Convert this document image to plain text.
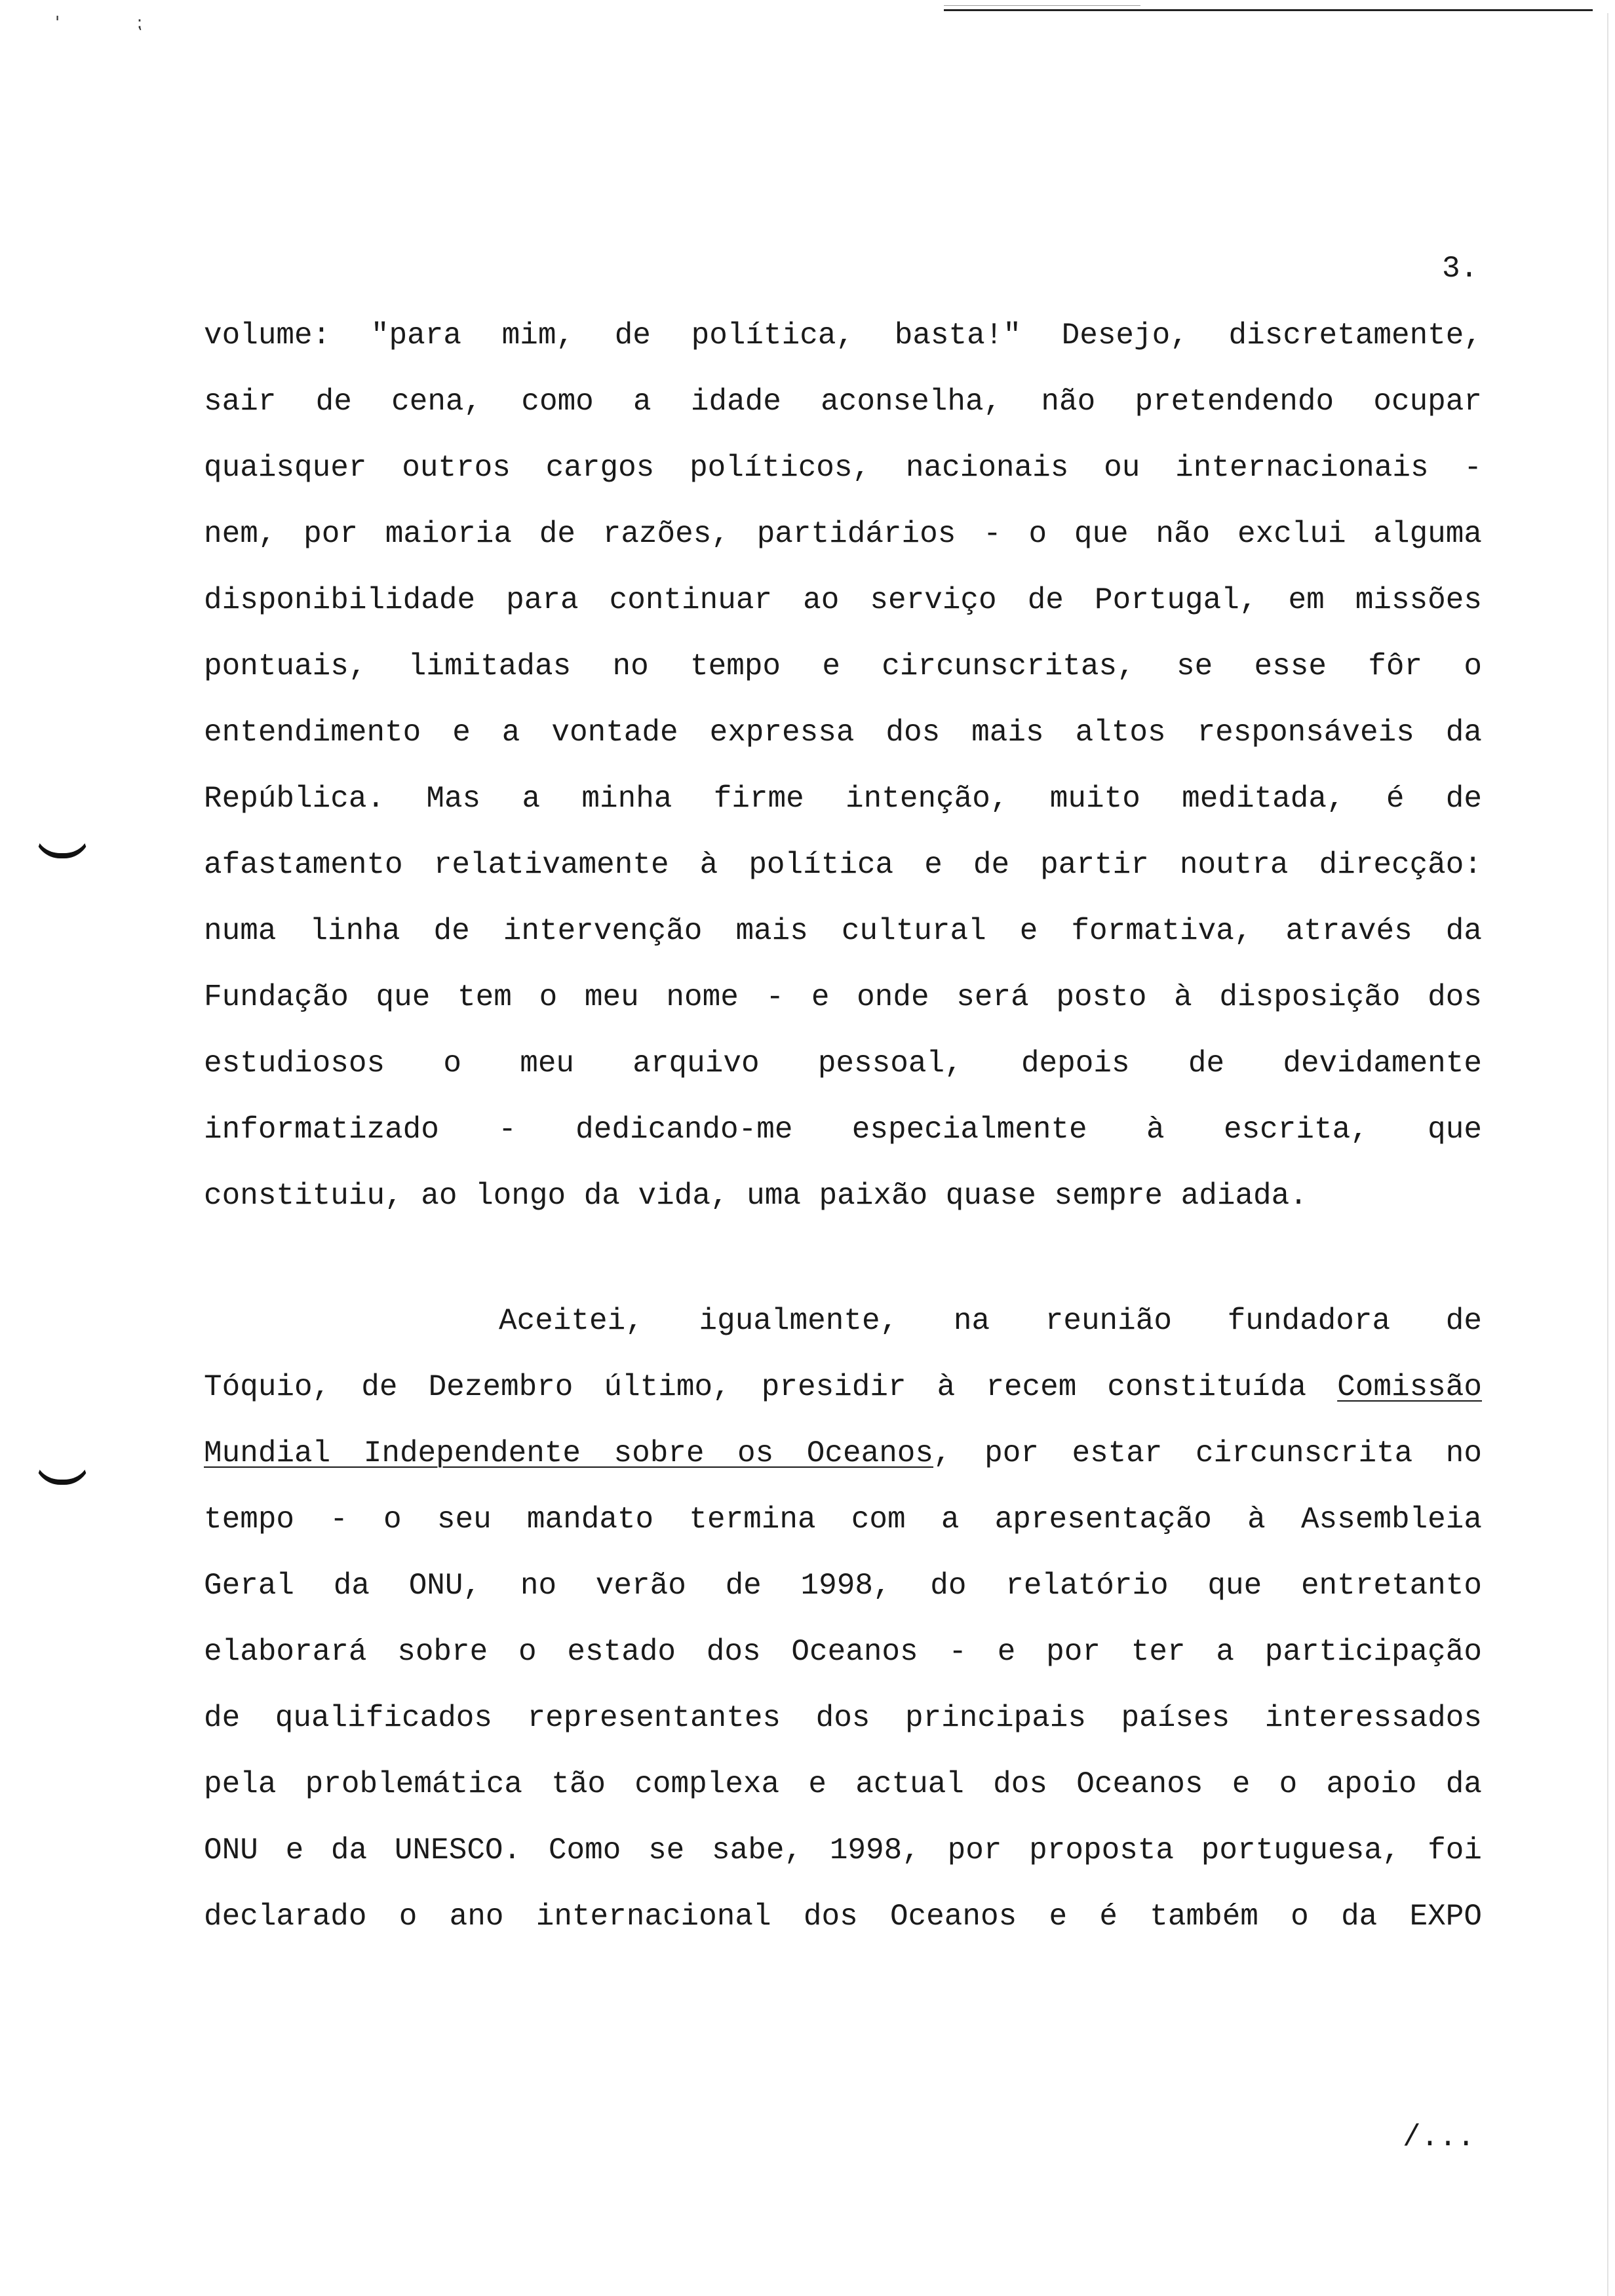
'	⁏
3.
volume: "para mim, de política, basta!" Desejo, discretamente,
sair de cena, como a idade aconselha, não pretendendo ocupar
quaisquer outros cargos políticos, nacionais ou internacionais -
nem, por maioria de razões, partidários - o que não exclui alguma
disponibilidade para continuar ao serviço de Portugal, em missões
pontuais, limitadas no tempo e circunscritas, se esse fôr o
entendimento e a vontade expressa dos mais altos responsáveis da
República. Mas a minha firme intenção, muito meditada, é de
afastamento relativamente à política e de partir noutra direcção:
numa linha de intervenção mais cultural e formativa, através da
Fundação que tem o meu nome - e onde será posto à disposição dos
estudiosos o meu arquivo pessoal, depois de devidamente
informatizado - dedicando-me especialmente à escrita, que
constituiu, ao longo da vida, uma paixão quase sempre adiada.
Aceitei, igualmente, na reunião fundadora de
Tóquio, de Dezembro último, presidir à recem constituída Comissão
Mundial Independente sobre os Oceanos, por estar circunscrita no
tempo - o seu mandato termina com a apresentação à Assembleia
Geral da ONU, no verão de 1998, do relatório que entretanto
elaborará sobre o estado dos Oceanos - e por ter a participação
de qualificados representantes dos principais países interessados
pela problemática tão complexa e actual dos Oceanos e o apoio da
ONU e da UNESCO. Como se sabe, 1998, por proposta portuguesa, foi
declarado o ano internacional dos Oceanos e é também o da EXPO
/...
